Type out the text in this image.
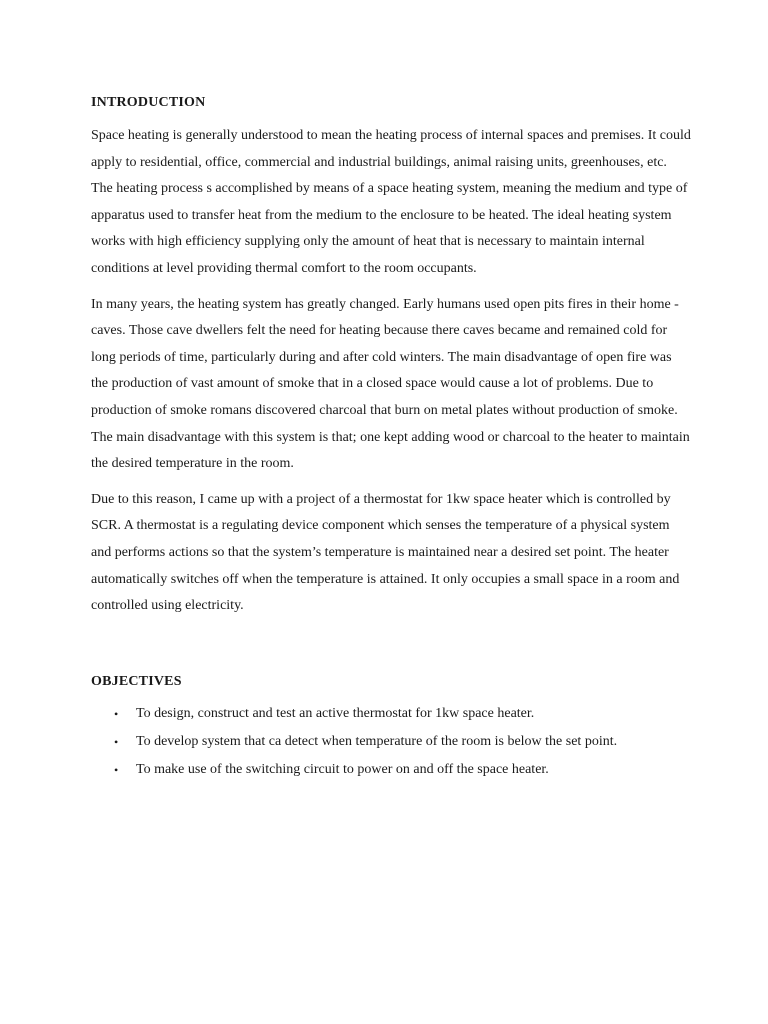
INTRODUCTION

Space heating is generally understood to mean the heating process of internal spaces and premises. It could apply to residential, office, commercial and industrial buildings, animal raising units, greenhouses, etc. The heating process s accomplished by means of a space heating system, meaning the medium and type of apparatus used to transfer heat from the medium to the enclosure to be heated. The ideal heating system works with high efficiency supplying only the amount of heat that is necessary to maintain internal conditions at level providing thermal comfort to the room occupants.

In many years, the heating system has greatly changed. Early humans used open pits fires in their home -caves. Those cave dwellers felt the need for heating because there caves became and remained cold for long periods of time, particularly during and after cold winters. The main disadvantage of open fire was the production of vast amount of smoke that in a closed space would cause a lot of problems. Due to production of smoke romans discovered charcoal that burn on metal plates without production of smoke. The main disadvantage with this system is that; one kept adding wood or charcoal to the heater to maintain the desired temperature in the room.

Due to this reason, I came up with a project of a thermostat for 1kw space heater which is controlled by SCR. A thermostat is a regulating device component which senses the temperature of a physical system and performs actions so that the system’s temperature is maintained near a desired set point. The heater automatically switches off when the temperature is attained. It only occupies a small space in a room and controlled using electricity.

OBJECTIVES
• To design, construct and test an active thermostat for 1kw space heater.
• To develop system that ca detect when temperature of the room is below the set point.
• To make use of the switching circuit to power on and off the space heater.
